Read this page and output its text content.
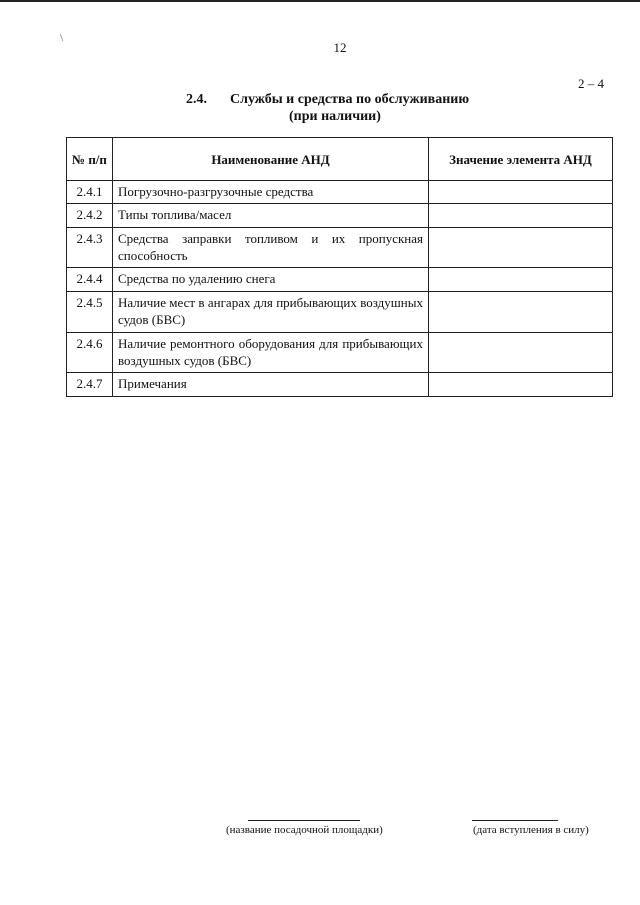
\
12
2 – 4
2.4. Службы и средства по обслуживанию
(при наличии)
№ п/п	Наименование АНД	Значение элемента АНД
2.4.1	Погрузочно-разгрузочные средства	
2.4.2	Типы топлива/масел	
2.4.3	Средства заправки топливом и их пропускная способность	
2.4.4	Средства по удалению снега	
2.4.5	Наличие мест в ангарах для прибывающих воздушных судов (БВС)	
2.4.6	Наличие ремонтного оборудования для прибывающих воздушных судов (БВС)	
2.4.7	Примечания	
(название посадочной площадки)	(дата вступления в силу)
